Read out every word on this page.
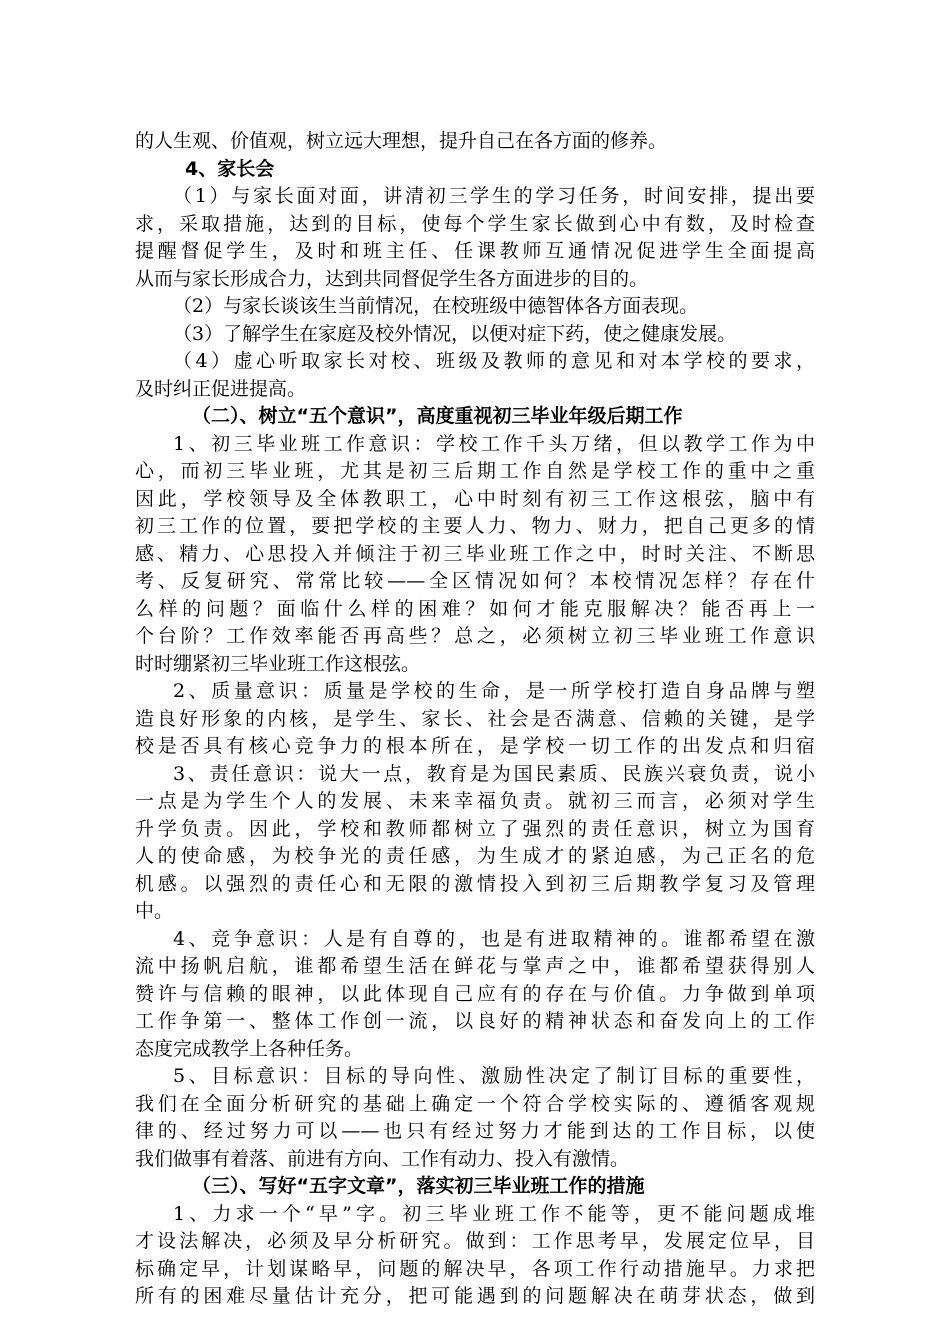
的人生观、价值观，树立远大理想，提升自己在各方面的修养。
4、家长会
（1）与家长面对面，讲清初三学生的学习任务，时间安排，提出要
求，采取措施，达到的目标，使每个学生家长做到心中有数，及时检查
提醒督促学生，及时和班主任、任课教师互通情况促进学生全面提高
从而与家长形成合力，达到共同督促学生各方面进步的目的。
（2）与家长谈该生当前情况，在校班级中德智体各方面表现。
（3）了解学生在家庭及校外情况，以便对症下药，使之健康发展。
（4）虚心听取家长对校、班级及教师的意见和对本学校的要求，
及时纠正促进提高。
（二）、树立“五个意识”，高度重视初三毕业年级后期工作
1、初三毕业班工作意识：学校工作千头万绪，但以教学工作为中
心，而初三毕业班，尤其是初三后期工作自然是学校工作的重中之重
因此，学校领导及全体教职工，心中时刻有初三工作这根弦，脑中有
初三工作的位置，要把学校的主要人力、物力、财力，把自己更多的情
感、精力、心思投入并倾注于初三毕业班工作之中，时时关注、不断思
考、反复研究、常常比较——全区情况如何？本校情况怎样？存在什
么样的问题？面临什么样的困难？如何才能克服解决？能否再上一
个台阶？工作效率能否再高些？总之，必须树立初三毕业班工作意识
时时绷紧初三毕业班工作这根弦。
2、质量意识：质量是学校的生命，是一所学校打造自身品牌与塑
造良好形象的内核，是学生、家长、社会是否满意、信赖的关键，是学
校是否具有核心竞争力的根本所在，是学校一切工作的出发点和归宿
3、责任意识：说大一点，教育是为国民素质、民族兴衰负责，说小
一点是为学生个人的发展、未来幸福负责。就初三而言，必须对学生
升学负责。因此，学校和教师都树立了强烈的责任意识，树立为国育
人的使命感，为校争光的责任感，为生成才的紧迫感，为己正名的危
机感。以强烈的责任心和无限的激情投入到初三后期教学复习及管理
中。
4、竞争意识：人是有自尊的，也是有进取精神的。谁都希望在激
流中扬帆启航，谁都希望生活在鲜花与掌声之中，谁都希望获得别人
赞许与信赖的眼神，以此体现自己应有的存在与价值。力争做到单项
工作争第一、整体工作创一流，以良好的精神状态和奋发向上的工作
态度完成教学上各种任务。
5、目标意识：目标的导向性、激励性决定了制订目标的重要性，
我们在全面分析研究的基础上确定一个符合学校实际的、遵循客观规
律的、经过努力可以——也只有经过努力才能到达的工作目标，以使
我们做事有着落、前进有方向、工作有动力、投入有激情。
（三）、写好“五字文章”，落实初三毕业班工作的措施
1、力求一个“早”字。初三毕业班工作不能等，更不能问题成堆
才设法解决，必须及早分析研究。做到：工作思考早，发展定位早，目
标确定早，计划谋略早，问题的解决早，各项工作行动措施早。力求把
所有的困难尽量估计充分，把可能遇到的问题解决在萌芽状态，做到
